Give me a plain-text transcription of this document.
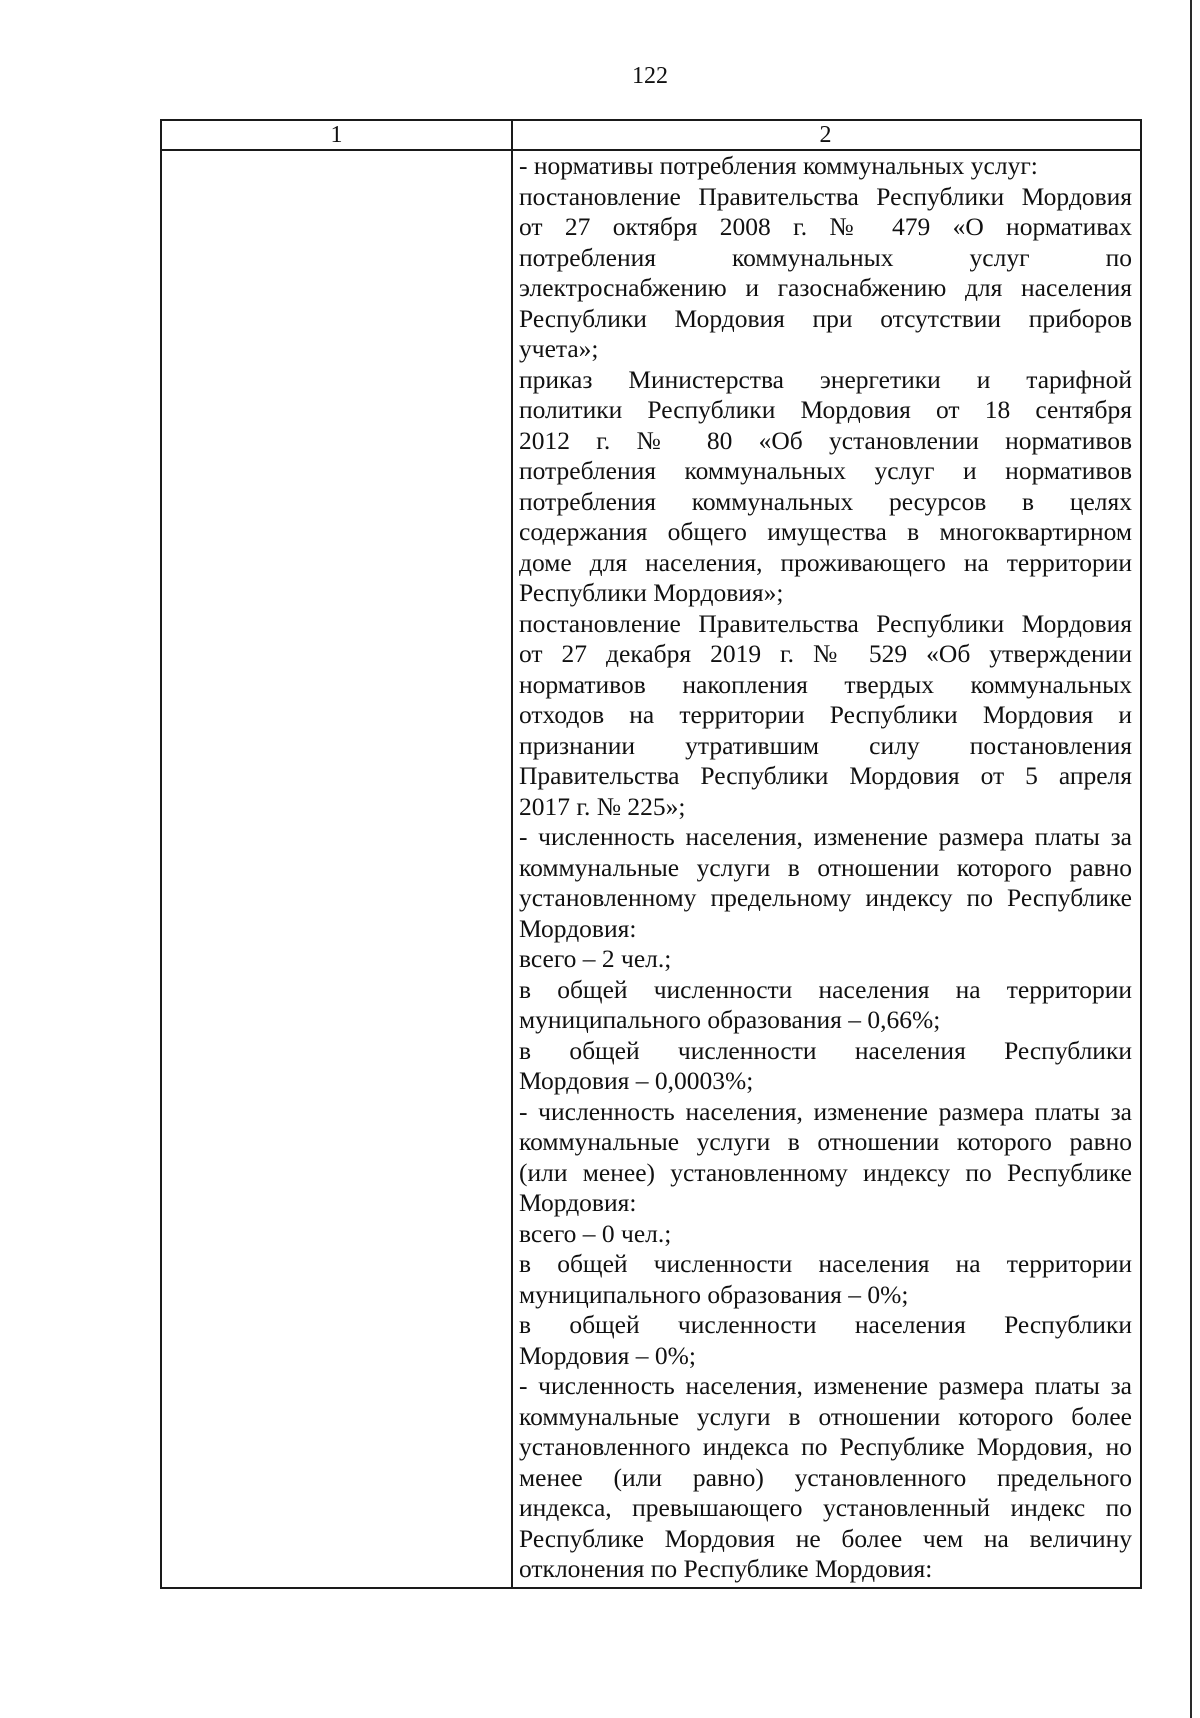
122
1	2
- нормативы потребления коммунальных услуг:
постановление Правительства Республики Мордовия
от 27 октября 2008 г. № 479 «О нормативах
потребления коммунальных услуг по
электроснабжению и газоснабжению для населения
Республики Мордовия при отсутствии приборов
учета»;
приказ Министерства энергетики и тарифной
политики Республики Мордовия от 18 сентября
2012 г. № 80 «Об установлении нормативов
потребления коммунальных услуг и нормативов
потребления коммунальных ресурсов в целях
содержания общего имущества в многоквартирном
доме для населения, проживающего на территории
Республики Мордовия»;
постановление Правительства Республики Мордовия
от 27 декабря 2019 г. № 529 «Об утверждении
нормативов накопления твердых коммунальных
отходов на территории Республики Мордовия и
признании утратившим силу постановления
Правительства Республики Мордовия от 5 апреля
2017 г. № 225»;
- численность населения, изменение размера платы за
коммунальные услуги в отношении которого равно
установленному предельному индексу по Республике
Мордовия:
всего – 2 чел.;
в общей численности населения на территории
муниципального образования – 0,66%;
в общей численности населения Республики
Мордовия – 0,0003%;
- численность населения, изменение размера платы за
коммунальные услуги в отношении которого равно
(или менее) установленному индексу по Республике
Мордовия:
всего – 0 чел.;
в общей численности населения на территории
муниципального образования – 0%;
в общей численности населения Республики
Мордовия – 0%;
- численность населения, изменение размера платы за
коммунальные услуги в отношении которого более
установленного индекса по Республике Мордовия, но
менее (или равно) установленного предельного
индекса, превышающего установленный индекс по
Республике Мордовия не более чем на величину
отклонения по Республике Мордовия:
